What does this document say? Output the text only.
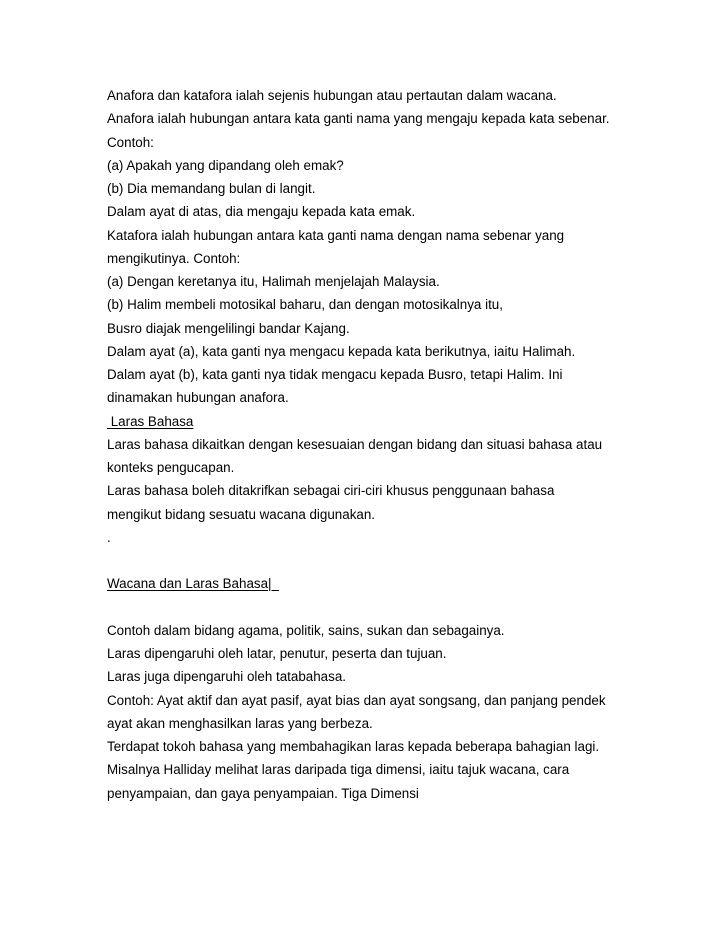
Anafora dan katafora ialah sejenis hubungan atau pertautan dalam wacana.
Anafora ialah hubungan antara kata ganti nama yang mengaju kepada kata sebenar.
Contoh:
(a) Apakah yang dipandang oleh emak?
(b) Dia memandang bulan di langit.
Dalam ayat di atas, dia mengaju kepada kata emak.
Katafora ialah hubungan antara kata ganti nama dengan nama sebenar yang
mengikutinya. Contoh:
(a) Dengan keretanya itu, Halimah menjelajah Malaysia.
(b) Halim membeli motosikal baharu, dan dengan motosikalnya itu,
Busro diajak mengelilingi bandar Kajang.
Dalam ayat (a), kata ganti nya mengacu kepada kata berikutnya, iaitu Halimah.
Dalam ayat (b), kata ganti nya tidak mengacu kepada Busro, tetapi Halim. Ini
dinamakan hubungan anafora.
Laras Bahasa
Laras bahasa dikaitkan dengan kesesuaian dengan bidang dan situasi bahasa atau
konteks pengucapan.
Laras bahasa boleh ditakrifkan sebagai ciri-ciri khusus penggunaan bahasa
mengikut bidang sesuatu wacana digunakan.
.
Wacana dan Laras Bahasa|
Contoh dalam bidang agama, politik, sains, sukan dan sebagainya.
Laras dipengaruhi oleh latar, penutur, peserta dan tujuan.
Laras juga dipengaruhi oleh tatabahasa.
Contoh: Ayat aktif dan ayat pasif, ayat bias dan ayat songsang, dan panjang pendek
ayat akan menghasilkan laras yang berbeza.
Terdapat tokoh bahasa yang membahagikan laras kepada beberapa bahagian lagi.
Misalnya Halliday melihat laras daripada tiga dimensi, iaitu tajuk wacana, cara
penyampaian, dan gaya penyampaian. Tiga Dimensi
